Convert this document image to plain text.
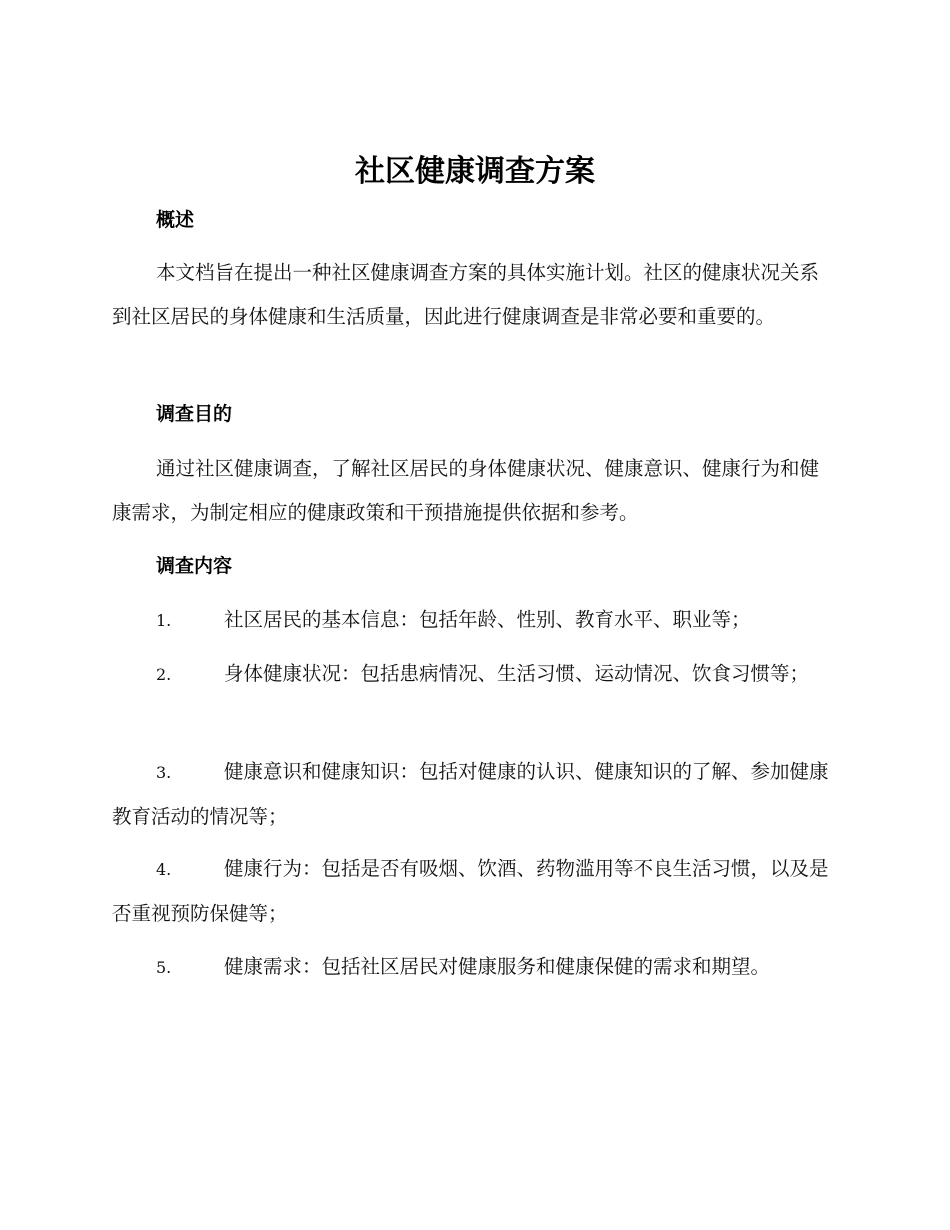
社区健康调查方案
概述

本文档旨在提出一种社区健康调查方案的具体实施计划。社区的健康状况关系到社区居民的身体健康和生活质量，因此进行健康调查是非常必要和重要的。

调查目的

通过社区健康调查，了解社区居民的身体健康状况、健康意识、健康行为和健康需求，为制定相应的健康政策和干预措施提供依据和参考。

调查内容
1.	社区居民的基本信息：包括年龄、性别、教育水平、职业等；
2.	身体健康状况：包括患病情况、生活习惯、运动情况、饮食习惯等；
3.	健康意识和健康知识：包括对健康的认识、健康知识的了解、参加健康教育活动的情况等；
4.	健康行为：包括是否有吸烟、饮酒、药物滥用等不良生活习惯，以及是否重视预防保健等；
5.	健康需求：包括社区居民对健康服务和健康保健的需求和期望。
